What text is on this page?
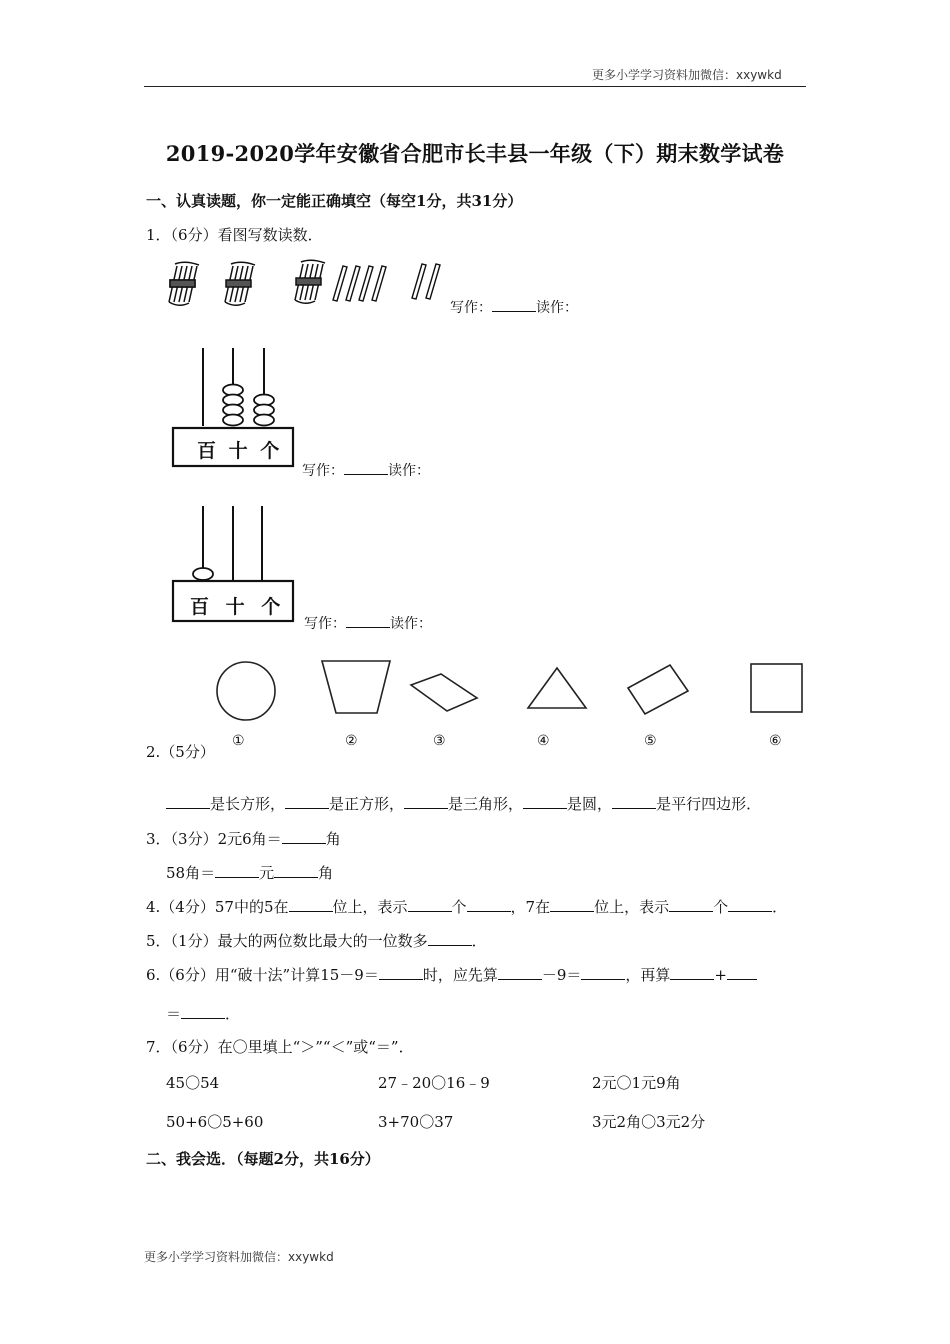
更多小学学习资料加微信：xxywkd
2019-2020学年安徽省合肥市长丰县一年级（下）期末数学试卷
一、认真读题，你一定能正确填空（每空1分，共31分）
1．（6分）看图写数读数．
写作：	读作：
百 十 个
写作：	读作：
百 十 个
写作：	读作：
①	②	③	④	⑤	⑥
2.（5分）
是长方形，	是正方形，	是三角形，	是圆，	是平行四边形．
3．（3分）2元6角＝	角
58角＝	元	角
4.（4分）57中的5在	位上，表示	个	，7在	位上，表示	个	．
5．（1分）最大的两位数比最大的一位数多	．
6.（6分）用“破十法”计算15－9＝	时，应先算	－9＝	，再算	+
＝	．
7．（6分）在〇里填上“＞”“＜”或“＝”．
45〇54	27﹣20〇16﹣9	2元〇1元9角
50+6〇5+60	3+70〇37	3元2角〇3元2分
二、我会选．（每题2分，共16分）
更多小学学习资料加微信：xxywkd
